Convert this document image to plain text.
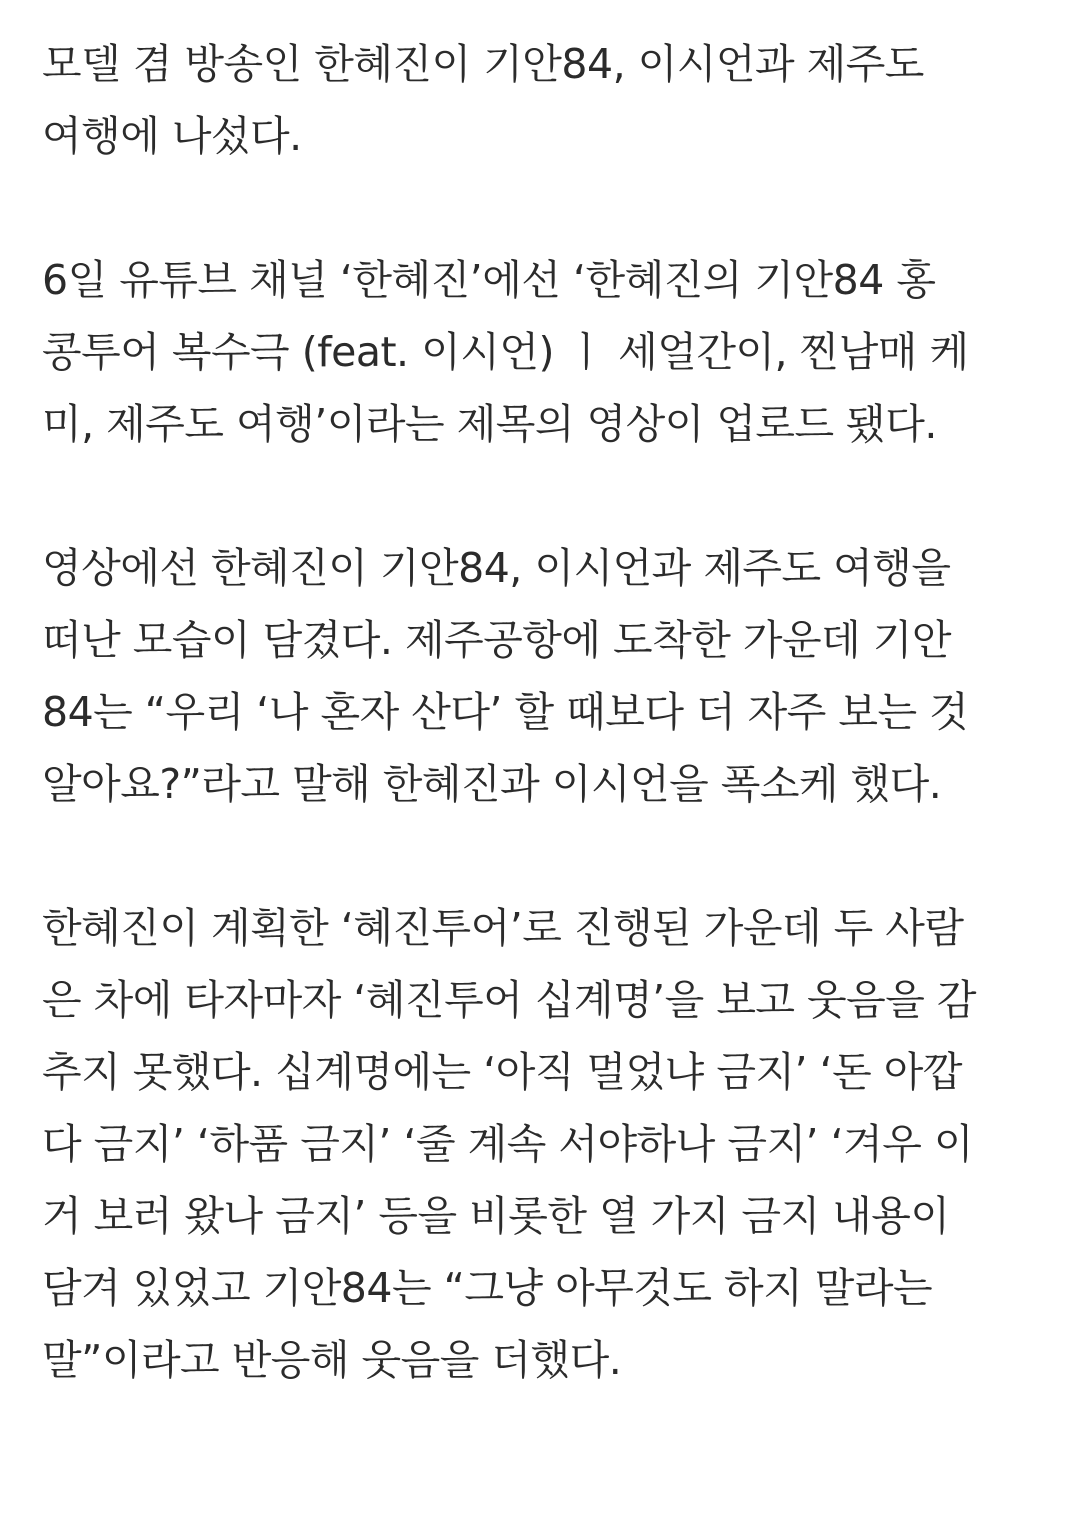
모델 겸 방송인 한혜진이 기안84, 이시언과 제주도
여행에 나섰다.

6일 유튜브 채널 ‘한혜진’에선 ‘한혜진의 기안84 홍
콩투어 복수극 (feat. 이시언) ㅣ 세얼간이, 찐남매 케
미, 제주도 여행’이라는 제목의 영상이 업로드 됐다.

영상에선 한혜진이 기안84, 이시언과 제주도 여행을
떠난 모습이 담겼다. 제주공항에 도착한 가운데 기안
84는 “우리 ‘나 혼자 산다’ 할 때보다 더 자주 보는 것
알아요?”라고 말해 한혜진과 이시언을 폭소케 했다.

한혜진이 계획한 ‘혜진투어’로 진행된 가운데 두 사람
은 차에 타자마자 ‘혜진투어 십계명’을 보고 웃음을 감
추지 못했다. 십계명에는 ‘아직 멀었냐 금지’ ‘돈 아깝
다 금지’ ‘하품 금지’ ‘줄 계속 서야하나 금지’ ‘겨우 이
거 보러 왔나 금지’ 등을 비롯한 열 가지 금지 내용이
담겨 있었고 기안84는 “그냥 아무것도 하지 말라는
말”이라고 반응해 웃음을 더했다.
